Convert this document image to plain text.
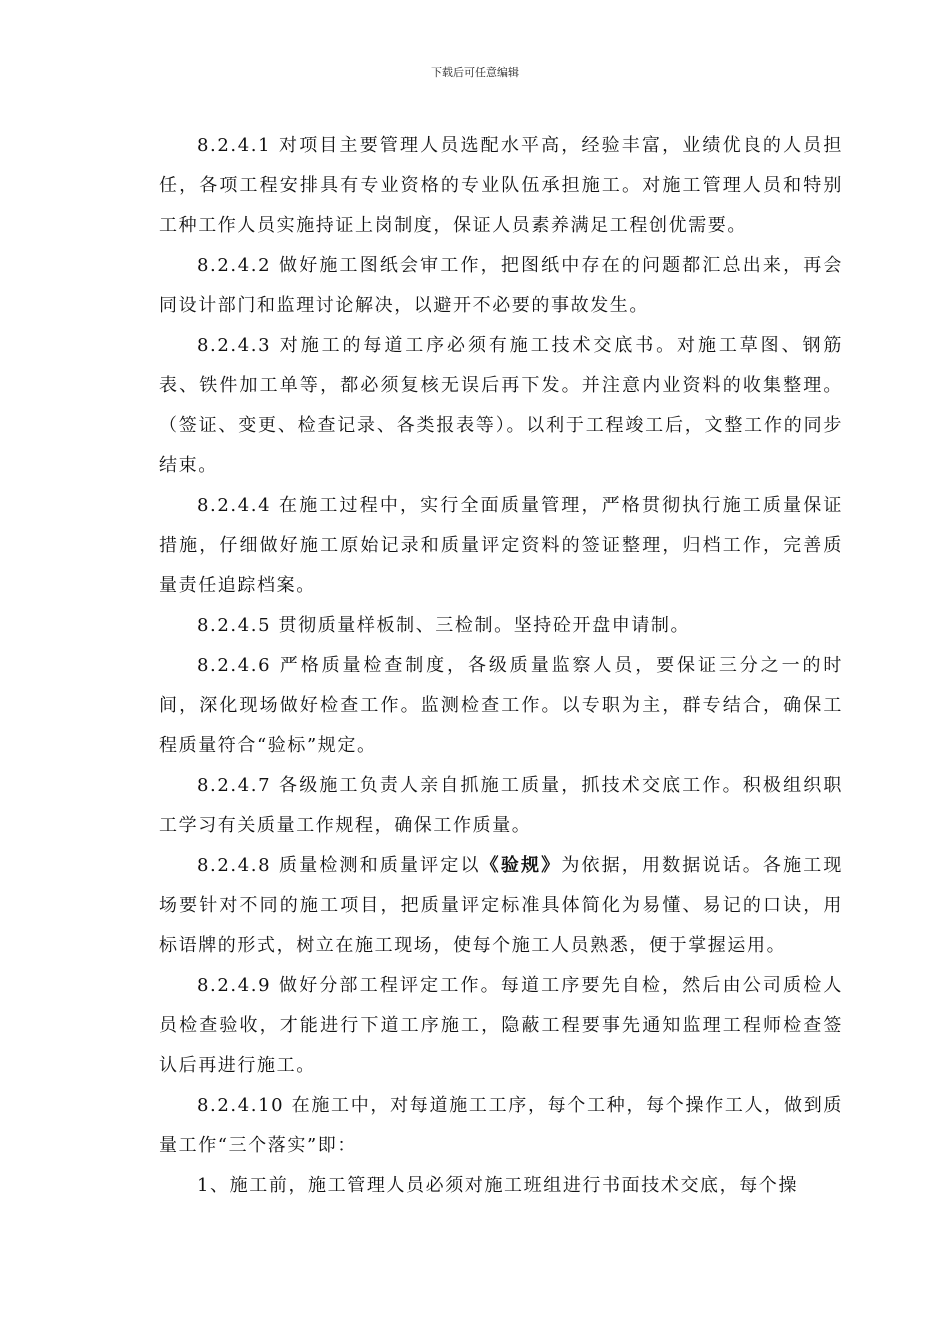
下载后可任意编辑

8.2.4.1 对项目主要管理人员选配水平高，经验丰富，业绩优良的人员担任，各项工程安排具有专业资格的专业队伍承担施工。对施工管理人员和特别工种工作人员实施持证上岗制度，保证人员素养满足工程创优需要。

8.2.4.2 做好施工图纸会审工作，把图纸中存在的问题都汇总出来，再会同设计部门和监理讨论解决，以避开不必要的事故发生。

8.2.4.3 对施工的每道工序必须有施工技术交底书。对施工草图、钢筋表、铁件加工单等，都必须复核无误后再下发。并注意内业资料的收集整理。（签证、变更、检查记录、各类报表等）。以利于工程竣工后，文整工作的同步结束。

8.2.4.4 在施工过程中，实行全面质量管理，严格贯彻执行施工质量保证措施，仔细做好施工原始记录和质量评定资料的签证整理，归档工作，完善质量责任追踪档案。

8.2.4.5 贯彻质量样板制、三检制。坚持砼开盘申请制。

8.2.4.6 严格质量检查制度，各级质量监察人员，要保证三分之一的时间，深化现场做好检查工作。监测检查工作。以专职为主，群专结合，确保工程质量符合“验标”规定。

8.2.4.7 各级施工负责人亲自抓施工质量，抓技术交底工作。积极组织职工学习有关质量工作规程，确保工作质量。

8.2.4.8 质量检测和质量评定以《验规》为依据，用数据说话。各施工现场要针对不同的施工项目，把质量评定标准具体简化为易懂、易记的口诀，用标语牌的形式，树立在施工现场，使每个施工人员熟悉，便于掌握运用。

8.2.4.9 做好分部工程评定工作。每道工序要先自检，然后由公司质检人员检查验收，才能进行下道工序施工，隐蔽工程要事先通知监理工程师检查签认后再进行施工。

8.2.4.10 在施工中，对每道施工工序，每个工种，每个操作工人，做到质量工作“三个落实”即：

1、施工前，施工管理人员必须对施工班组进行书面技术交底，每个操
